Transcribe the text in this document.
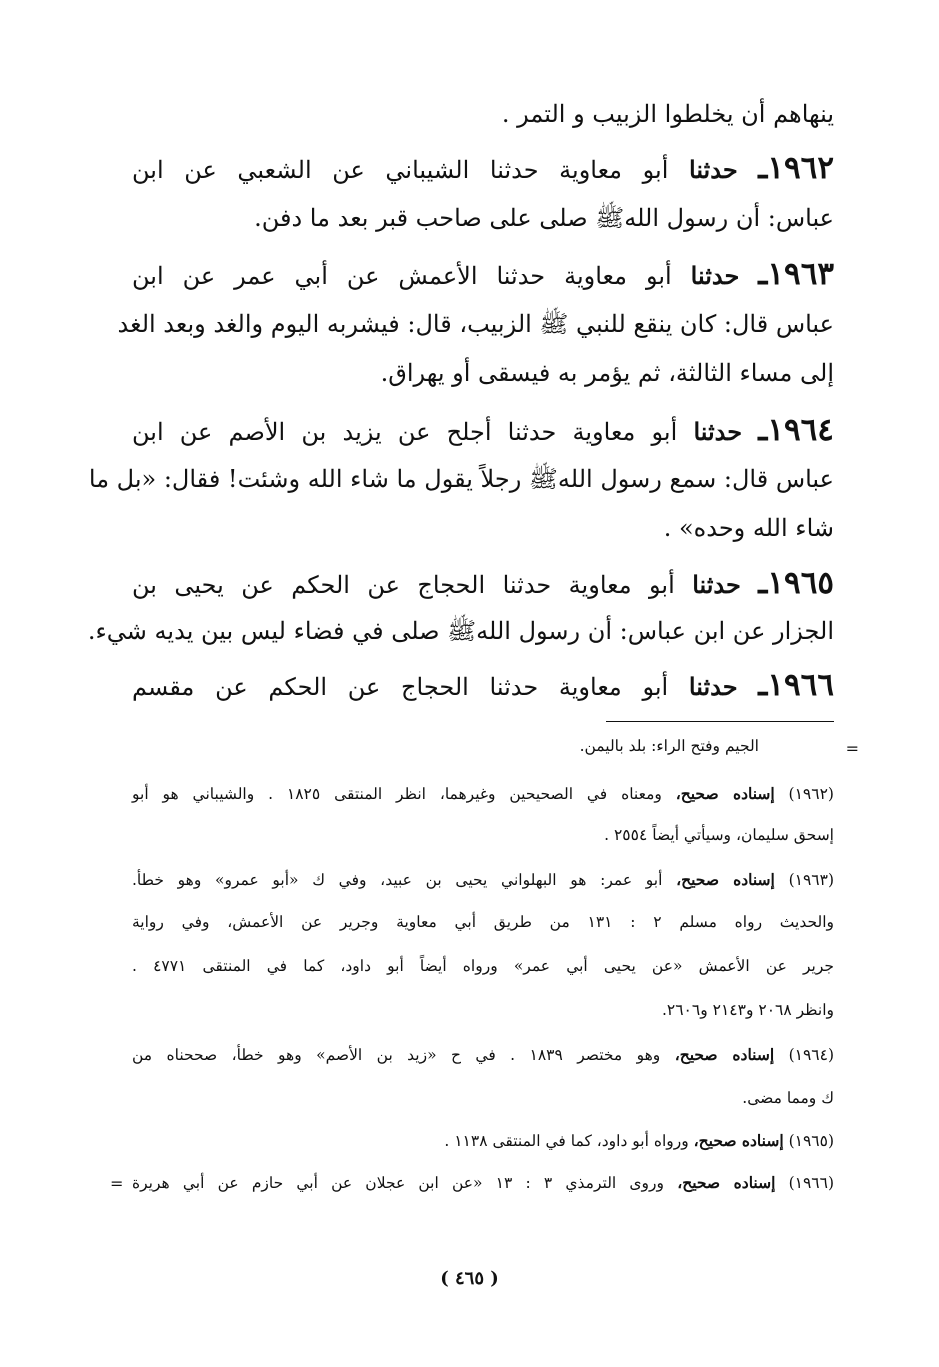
ينهاهم أن يخلطوا الزبيب و التمر .
١٩٦٢ـ حدثنا أبو معاوية حدثنا الشيباني عن الشعبي عن ابن
عباس: أن رسول اللهﷺ صلى على صاحب قبر بعد ما دفن.
١٩٦٣ـ حدثنا أبو معاوية حدثنا الأعمش عن أبي عمر عن ابن
عباس قال: كان ينقع للنبي ﷺ الزبيب، قال: فيشربه اليوم والغد وبعد الغد
إلى مساء الثالثة، ثم يؤمر به فيسقى أو يهراق.
١٩٦٤ـ حدثنا أبو معاوية حدثنا أجلح عن يزيد بن الأصم عن ابن
عباس قال: سمع رسول اللهﷺ رجلاً يقول ما شاء الله وشئت! فقال: «بل ما
شاء الله وحده» .
١٩٦٥ـ حدثنا أبو معاوية حدثنا الحجاج عن الحكم عن يحيى بن
الجزار عن ابن عباس: أن رسول اللهﷺ صلى في فضاء ليس بين يديه شيء.
١٩٦٦ـ حدثنا أبو معاوية حدثنا الحجاج عن الحكم عن مقسم
=
الجيم وفتح الراء: بلد باليمن.
(١٩٦٢) إسناده صحيح، ومعناه في الصحيحين وغيرهما، انظر المنتقى ١٨٢٥ . والشيباني هو أبو
إسحق سليمان، وسيأتي أيضاً ٢٥٥٤ .
(١٩٦٣) إسناده صحيح، أبو عمر: هو البهلواني يحيى بن عبيد، وفي ك «أبو عمرو» وهو خطأ.
والحديث رواه مسلم ٢ : ١٣١ من طريق أبي معاوية وجرير عن الأعمش، وفي رواية
جرير عن الأعمش «عن يحيى أبي عمر» ورواه أيضاً أبو داود، كما في المنتقى ٤٧٧١ .
وانظر ٢٠٦٨ و٢١٤٣ و٢٦٠٦.
(١٩٦٤) إسناده صحيح، وهو مختصر ١٨٣٩ . في ح «زيد بن الأصم» وهو خطأ، صححناه من
ك ومما مضى.
(١٩٦٥) إسناده صحيح، ورواه أبو داود، كما في المنتقى ١١٣٨ .
(١٩٦٦) إسناده صحيح، وروى الترمذي ٣ : ١٣ «عن ابن عجلان عن أبي حازم عن أبي هريرة
=
( ٤٦٥ )
